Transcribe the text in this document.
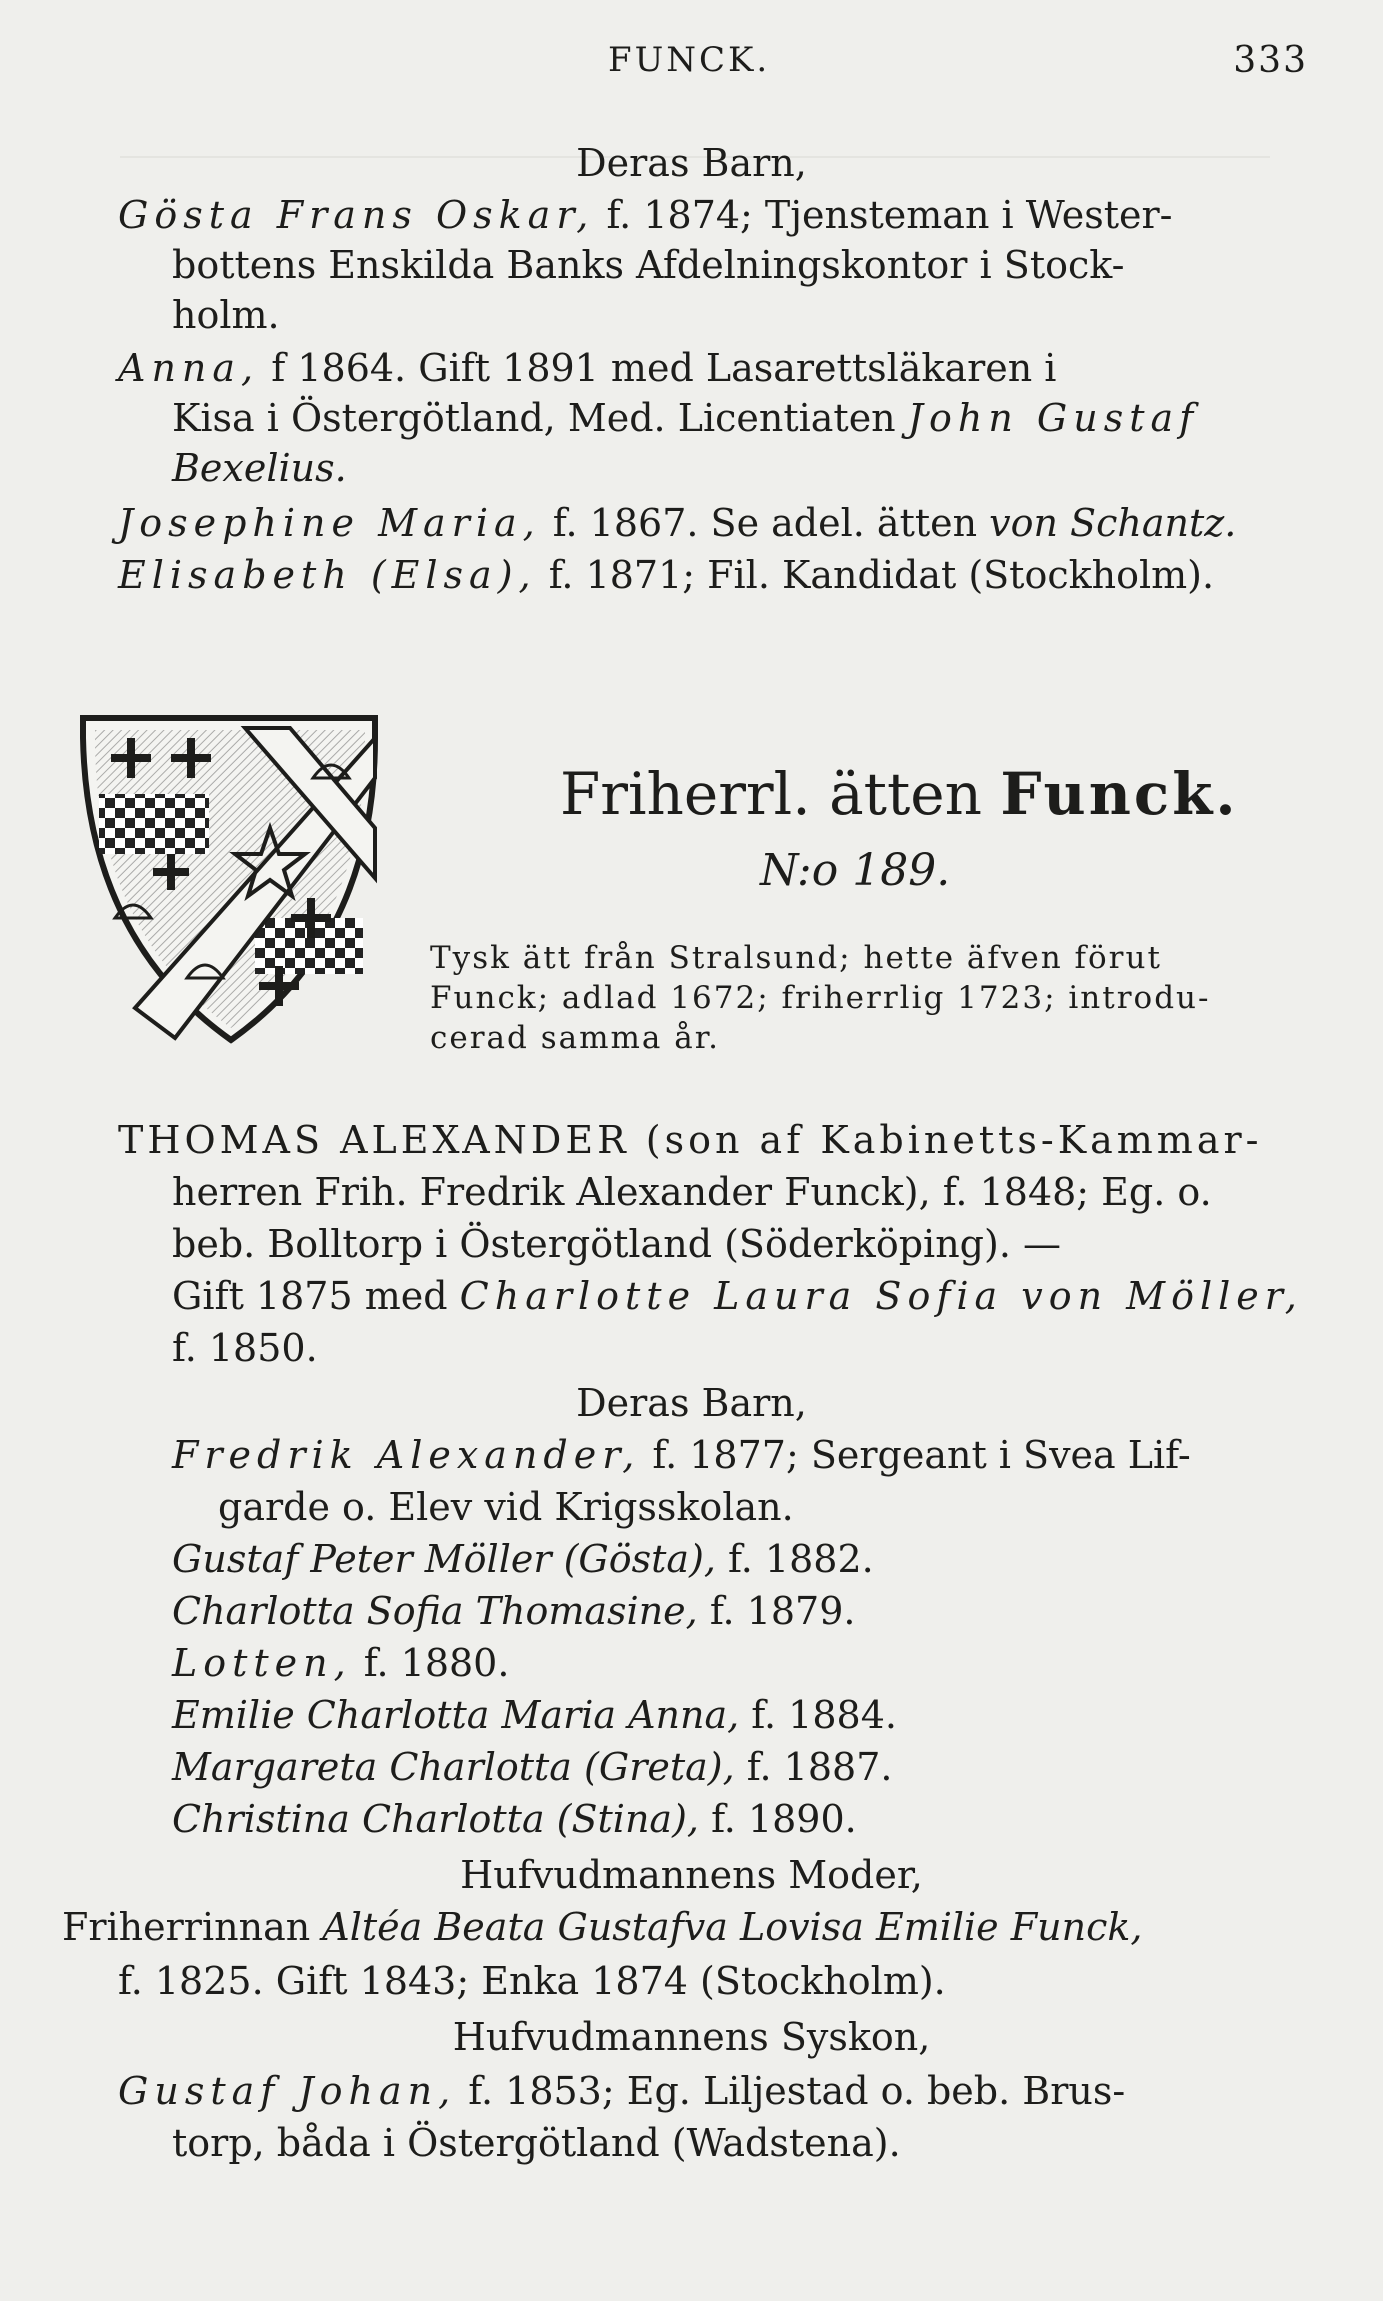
FUNCK.	333
Deras Barn,
Gösta Frans Oskar, f. 1874; Tjensteman i Wester-
bottens Enskilda Banks Afdelningskontor i Stock-
holm.
Anna, f 1864. Gift 1891 med Lasarettsläkaren i
Kisa i Östergötland, Med. Licentiaten John Gustaf
Bexelius.
Josephine Maria, f. 1867. Se adel. ätten von Schantz.
Elisabeth (Elsa), f. 1871; Fil. Kandidat (Stockholm).
Friherrl. ätten Funck.
N:o 189.
Tysk ätt från Stralsund; hette äfven förut
Funck; adlad 1672; friherrlig 1723; introdu-
cerad samma år.
THOMAS ALEXANDER (son af Kabinetts-Kammar-
herren Frih. Fredrik Alexander Funck), f. 1848; Eg. o.
beb. Bolltorp i Östergötland (Söderköping). —
Gift 1875 med Charlotte Laura Sofia von Möller,
f. 1850.
Deras Barn,
Fredrik Alexander, f. 1877; Sergeant i Svea Lif-
garde o. Elev vid Krigsskolan.
Gustaf Peter Möller (Gösta), f. 1882.
Charlotta Sofia Thomasine, f. 1879.
Lotten, f. 1880.
Emilie Charlotta Maria Anna, f. 1884.
Margareta Charlotta (Greta), f. 1887.
Christina Charlotta (Stina), f. 1890.
Hufvudmannens Moder,
Friherrinnan Altéa Beata Gustafva Lovisa Emilie Funck,
f. 1825. Gift 1843; Enka 1874 (Stockholm).
Hufvudmannens Syskon,
Gustaf Johan, f. 1853; Eg. Liljestad o. beb. Brus-
torp, båda i Östergötland (Wadstena).
